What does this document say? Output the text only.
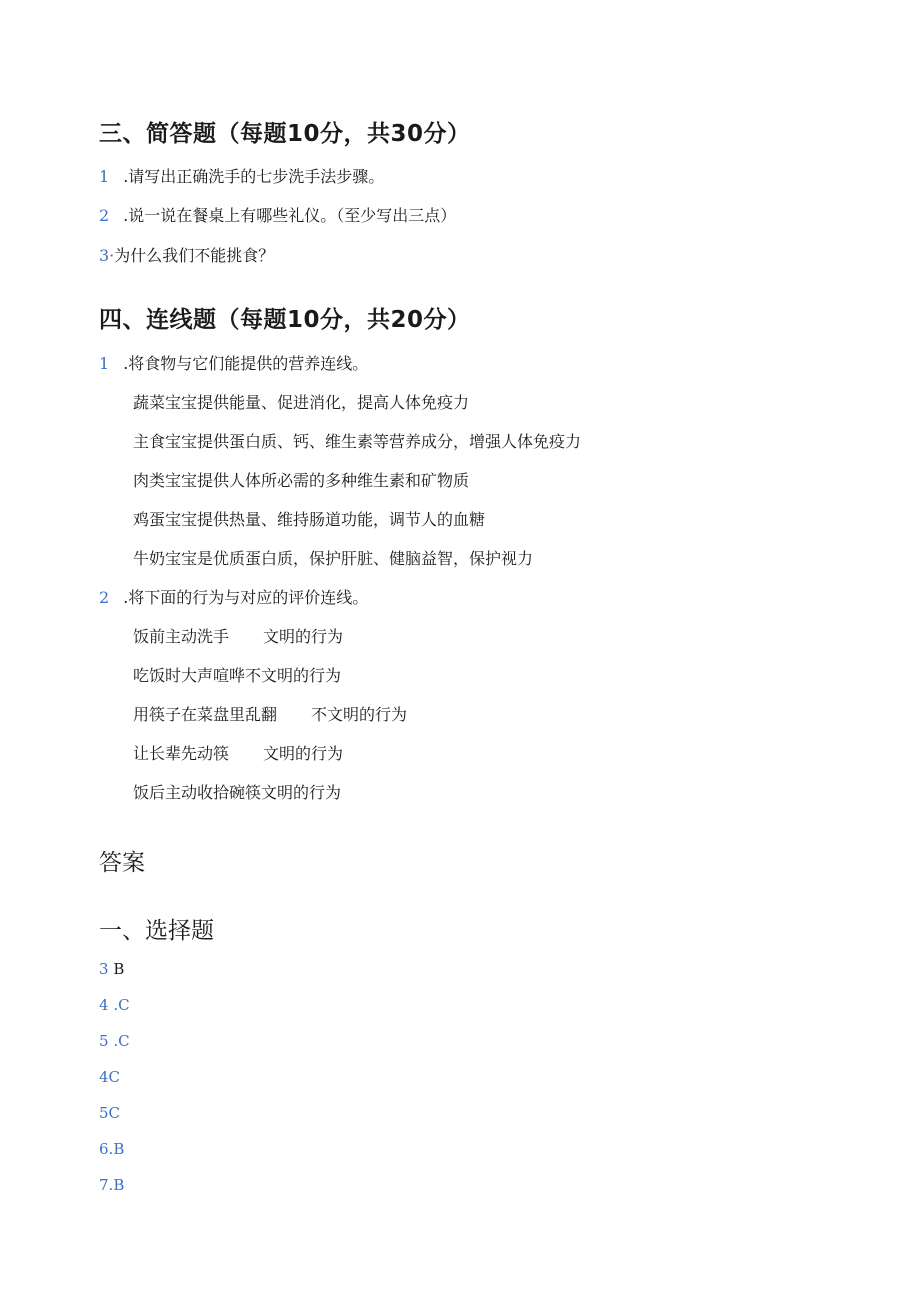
三、简答题（每题10分，共30分）
1 .请写出正确洗手的七步洗手法步骤。
2 .说一说在餐桌上有哪些礼仪。（至少写出三点）
3·为什么我们不能挑食？
四、连线题（每题10分，共20分）
1 .将食物与它们能提供的营养连线。
蔬菜宝宝提供能量、促进消化，提高人体免疫力
主食宝宝提供蛋白质、钙、维生素等营养成分，增强人体免疫力
肉类宝宝提供人体所必需的多种维生素和矿物质
鸡蛋宝宝提供热量、维持肠道功能，调节人的血糖
牛奶宝宝是优质蛋白质，保护肝脏、健脑益智，保护视力
2 .将下面的行为与对应的评价连线。
饭前主动洗手 文明的行为
吃饭时大声喧哗不文明的行为
用筷子在菜盘里乱翻 不文明的行为
让长辈先动筷 文明的行为
饭后主动收拾碗筷文明的行为
答案
一、选择题
3 B
4 .C
5 .C
4C
5C
6.B
7.B
